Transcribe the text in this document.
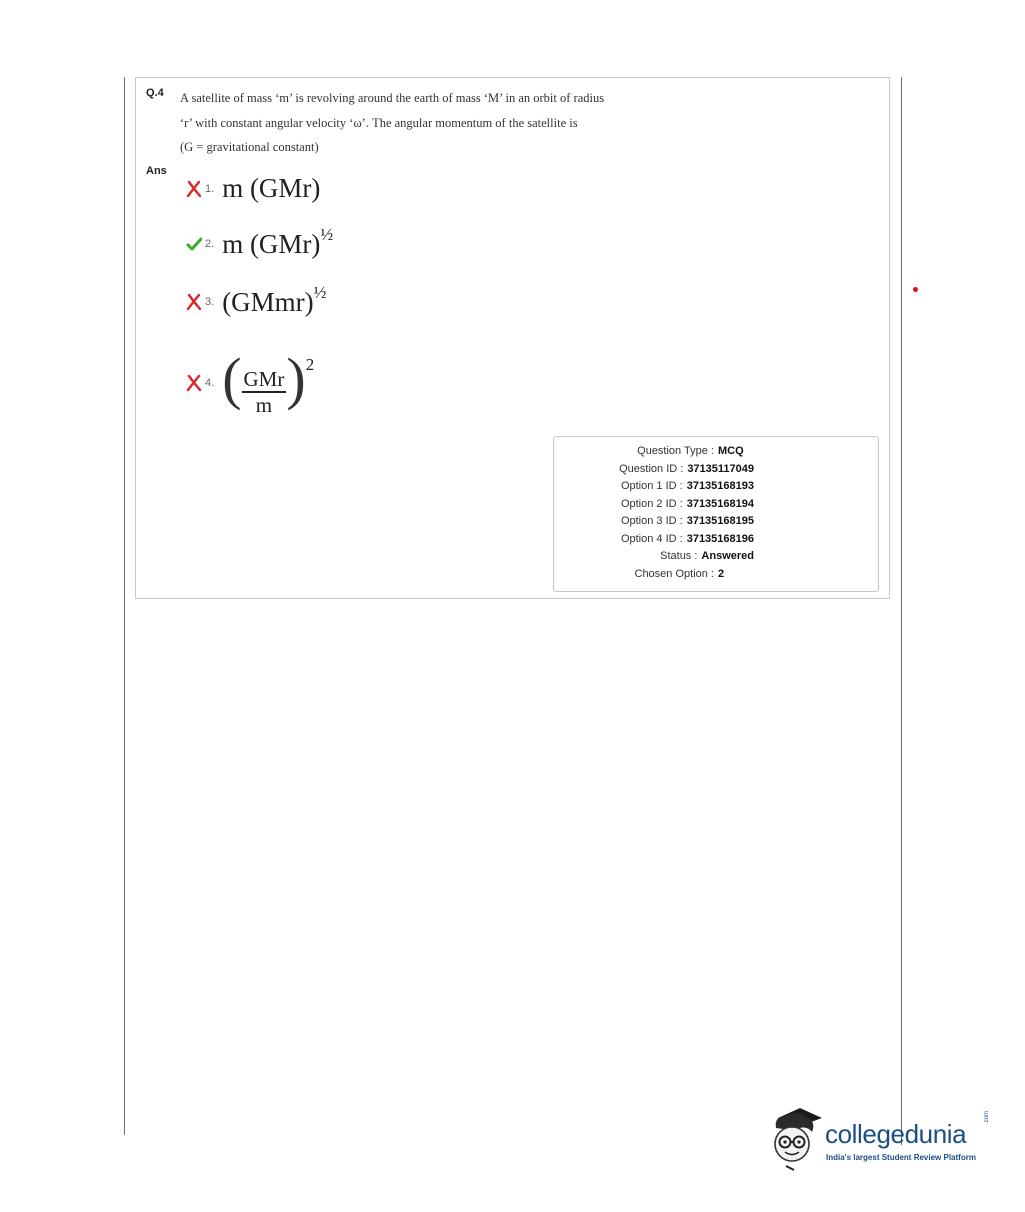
Q.4 A satellite of mass ‘m’ is revolving around the earth of mass ‘M’ in an orbit of radius
‘r’ with constant angular velocity ‘ω’. The angular momentum of the satellite is
(G = gravitational constant)
Ans
1. m (GMr)
2. m (GMr)$^{\frac{1}{2}}$
3. (GMmr)$^{\frac{1}{2}}$
4. ( $\frac{\text{GMr}}{m} )^2$
Question Type : MCQ
Question ID : 37135117049
Option 1 ID : 37135168193
Option 2 ID : 37135168194
Option 3 ID : 37135168195
Option 4 ID : 37135168196
Status : Answered
Chosen Option : 2
collegedunia
.com
India's largest Student Review Platform
